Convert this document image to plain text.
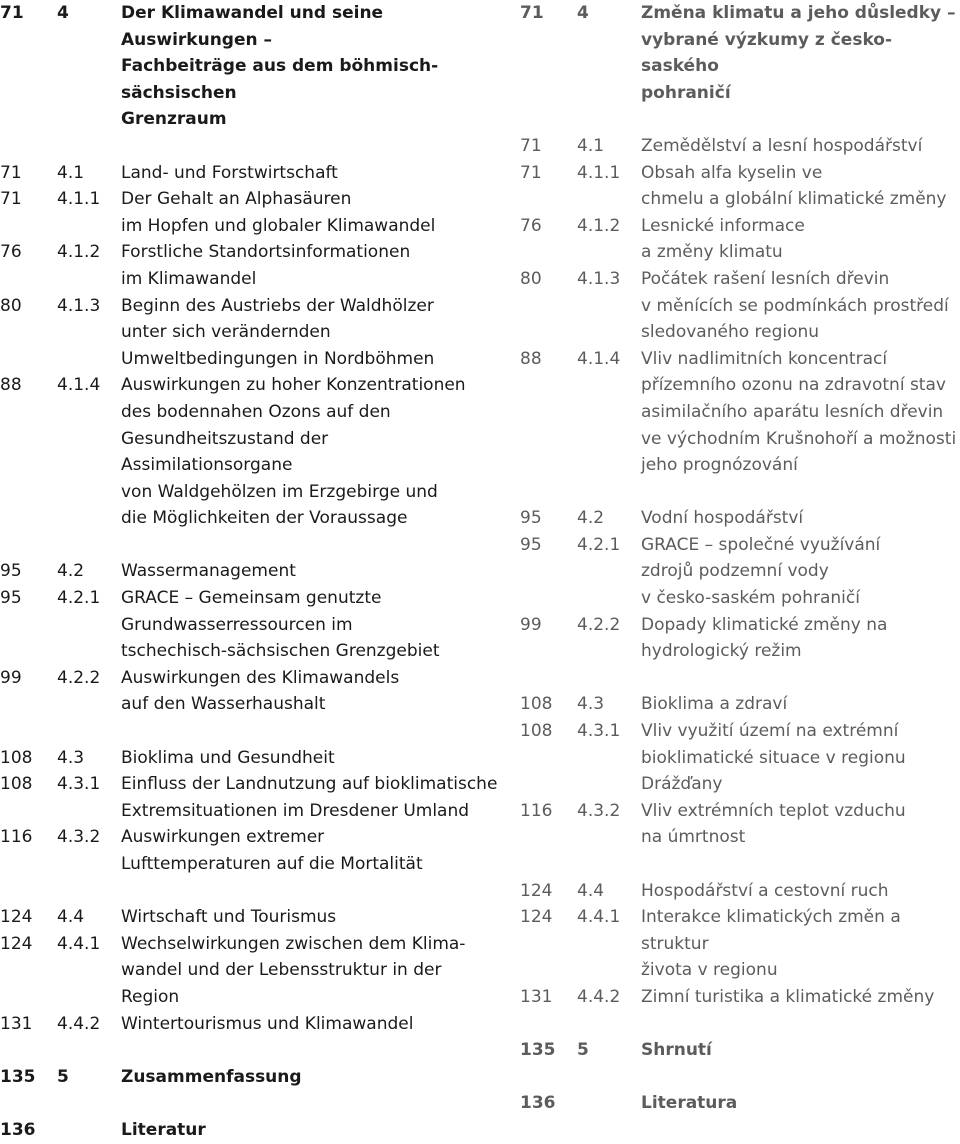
71 4	Der Klimawandel und seine Auswirkungen –
Fachbeiträge aus dem böhmisch-sächsischen
Grenzraum
71 4.1 Land- und Forstwirtschaft
71 4.1.1 Der Gehalt an Alphasäuren
im Hopfen und globaler Klimawandel
76 4.1.2 Forstliche Standortsinformationen
im Klimawandel
80 4.1.3 Beginn des Austriebs der Waldhölzer
unter sich verändernden
Umweltbedingungen in Nordböhmen
88 4.1.4 Auswirkungen zu hoher Konzentrationen
des bodennahen Ozons auf den
Gesundheitszustand der Assimilationsorgane
von Waldgehölzen im Erzgebirge und
die Möglichkeiten der Voraussage
95 4.2 Wassermanagement
95 4.2.1 GRACE – Gemeinsam genutzte
Grundwasserressourcen im
tschechisch-sächsischen Grenzgebiet
99 4.2.2 Auswirkungen des Klimawandels
auf den Wasserhaushalt
108 4.3 Bioklima und Gesundheit
108 4.3.1 Einfluss der Landnutzung auf bioklimatische
Extremsituationen im Dresdener Umland
116 4.3.2 Auswirkungen extremer
Lufttemperaturen auf die Mortalität
124 4.4 Wirtschaft und Tourismus
124 4.4.1 Wechselwirkungen zwischen dem Klima-
wandel und der Lebensstruktur in der Region
131 4.4.2 Wintertourismus und Klimawandel
135 5	Zusammenfassung
136	Literatur
71 4	Změna klimatu a jeho důsledky –
vybrané výzkumy z česko-saského
pohraničí
71 4.1 Zemědělství a lesní hospodářství
71 4.1.1 Obsah alfa kyselin ve
chmelu a globální klimatické změny
76 4.1.2 Lesnické informace
a změny klimatu
80 4.1.3 Počátek rašení lesních dřevin
v měnících se podmínkách prostředí
sledovaného regionu
88 4.1.4 Vliv nadlimitních koncentrací
přízemního ozonu na zdravotní stav
asimilačního aparátu lesních dřevin
ve východním Krušnohoří a možnosti
jeho prognózování
95 4.2 Vodní hospodářství
95 4.2.1 GRACE – společné využívání
zdrojů podzemní vody
v česko-saském pohraničí
99 4.2.2 Dopady klimatické změny na
hydrologický režim
108 4.3 Bioklima a zdraví
108 4.3.1 Vliv využití území na extrémní
bioklimatické situace v regionu Drážďany
116 4.3.2 Vliv extrémních teplot vzduchu
na úmrtnost
124 4.4 Hospodářství a cestovní ruch
124 4.4.1 Interakce klimatických změn a struktur
života v regionu
131 4.4.2 Zimní turistika a klimatické změny
135 5	Shrnutí
136	Literatura
